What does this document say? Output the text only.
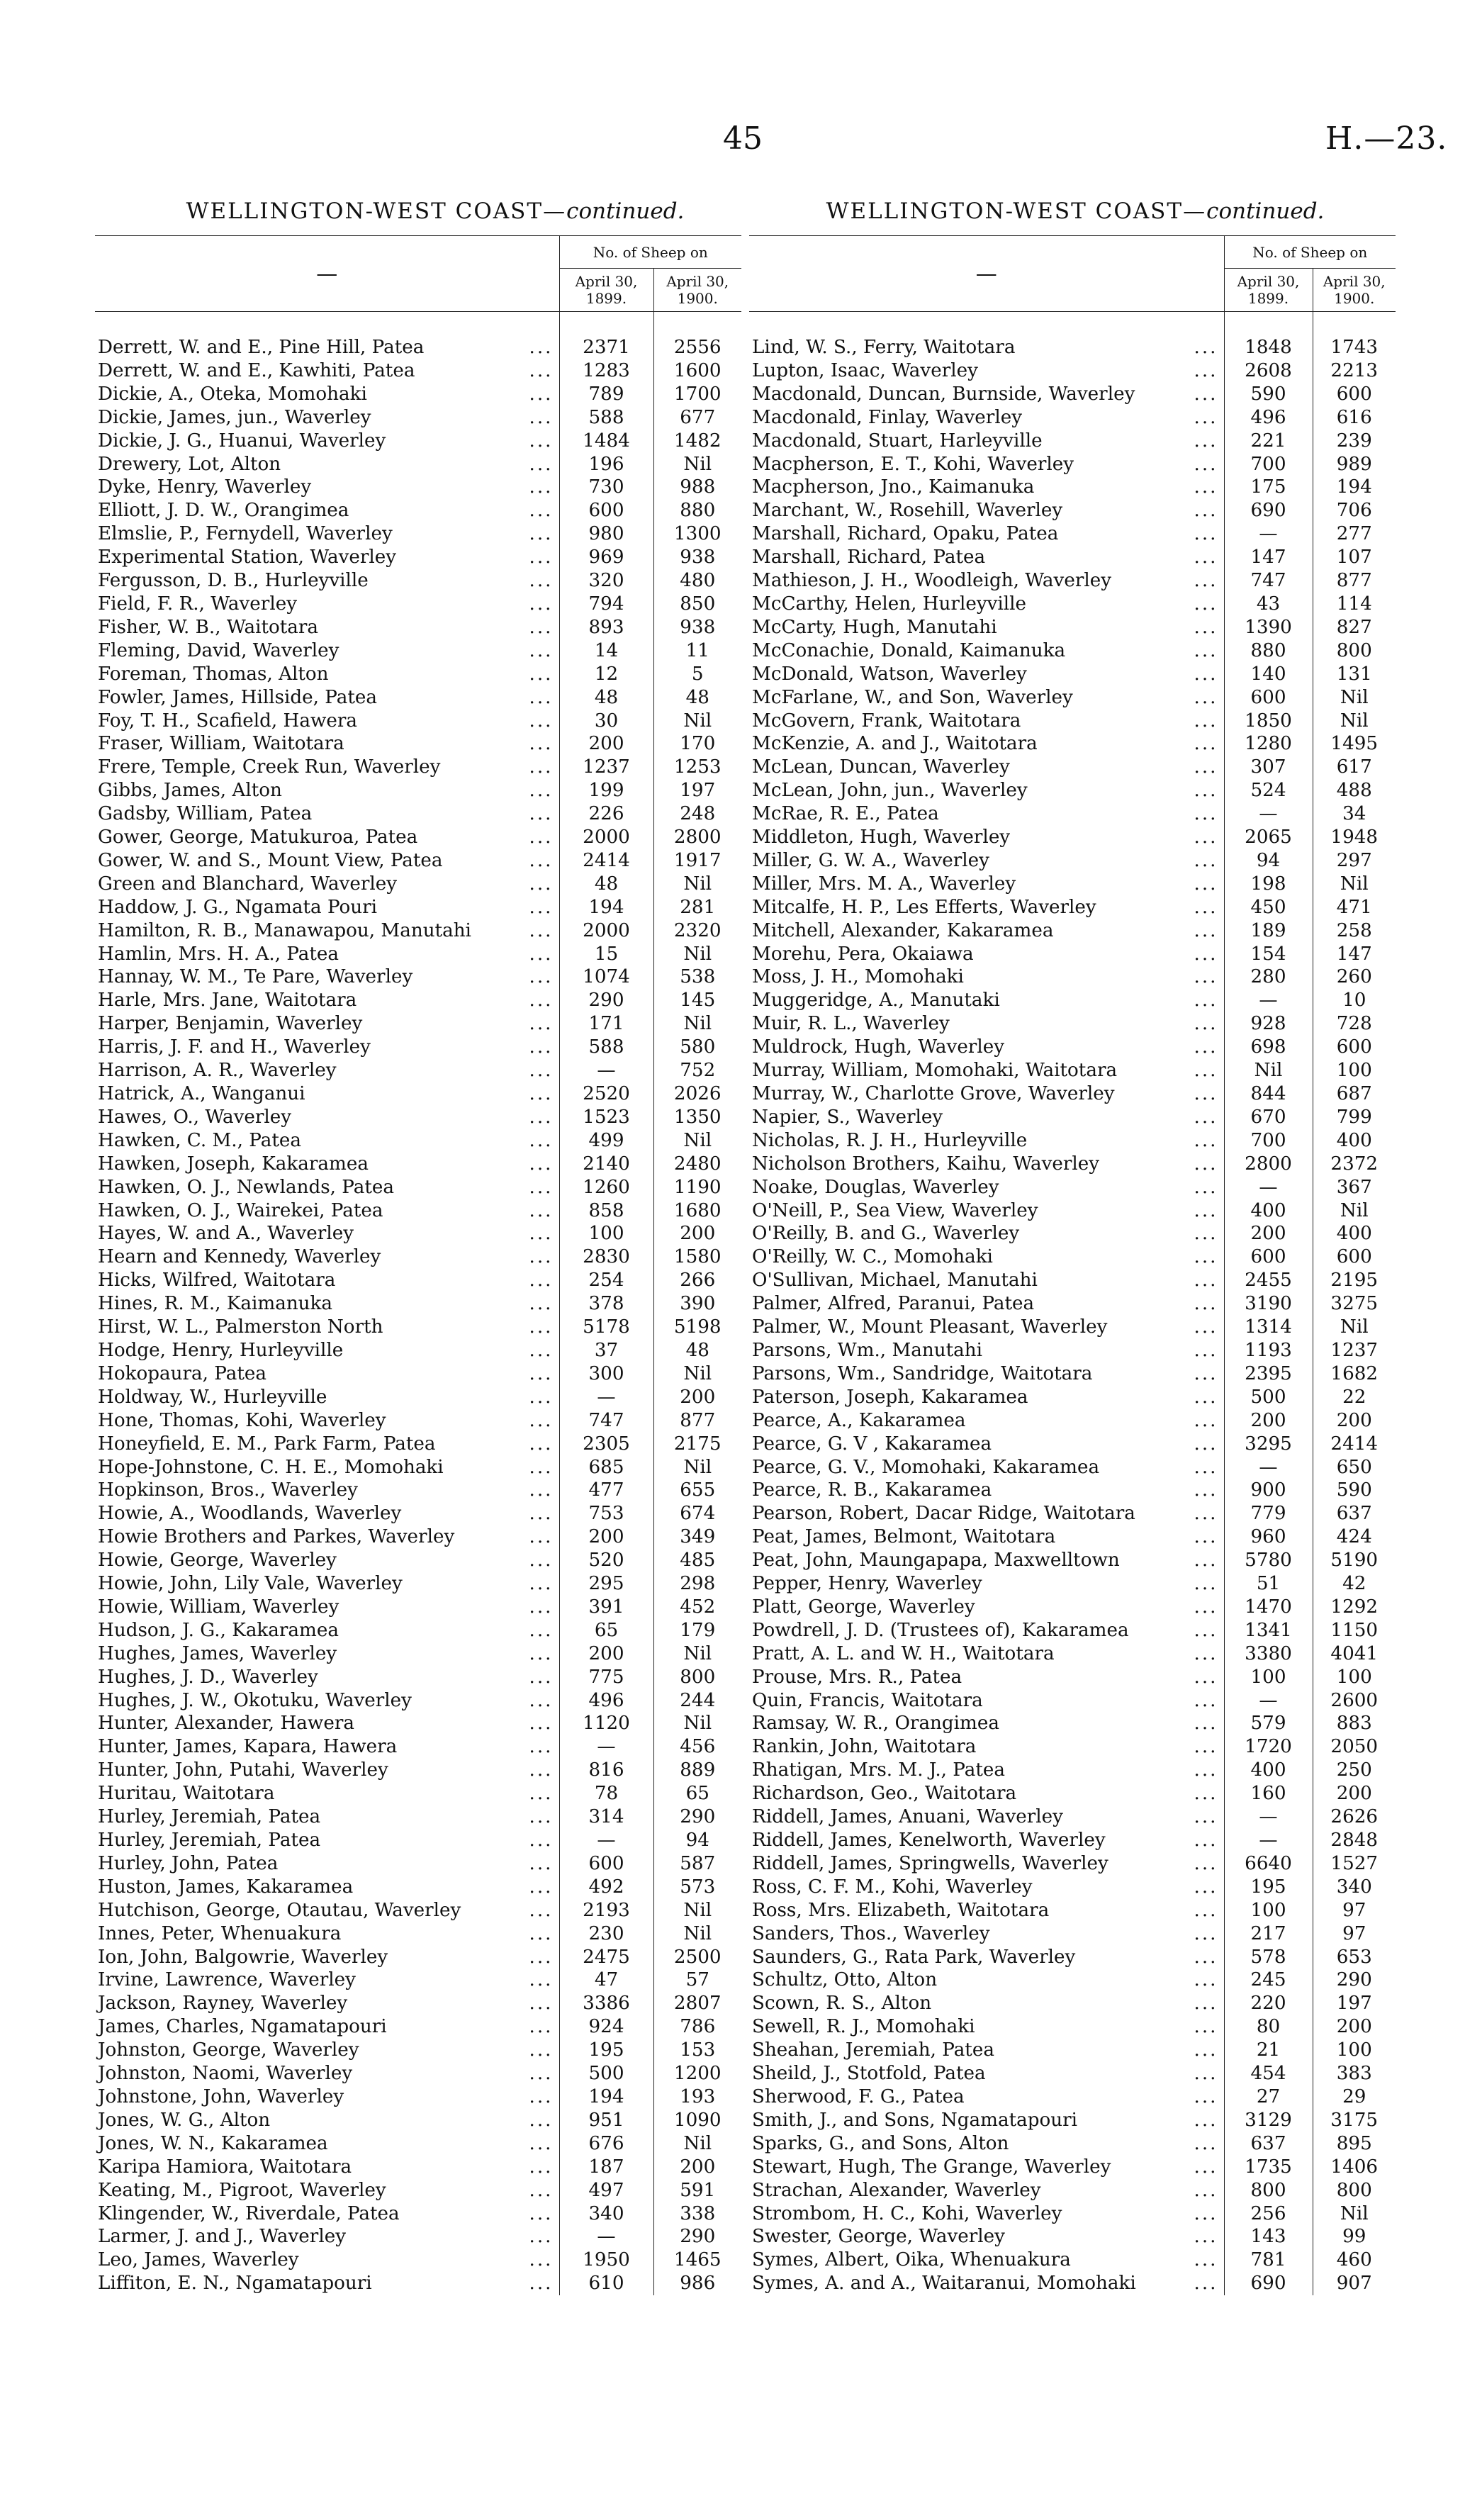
45	H.—23.
WELLINGTON-WEST COAST—continued.
—	No. of Sheep on	
	April 30, 1899.	April 30, 1900.

Derrett, W. and E., Pine Hill, Patea ...	2371	2556
Derrett, W. and E., Kawhiti, Patea ...	1283	1600
Dickie, A., Oteka, Momohaki ...	789	1700
Dickie, James, jun., Waverley ...	588	677
Dickie, J. G., Huanui, Waverley ...	1484	1482
Drewery, Lot, Alton ...	196	Nil
Dyke, Henry, Waverley ...	730	988
Elliott, J. D. W., Orangimea ...	600	880
Elmslie, P., Fernydell, Waverley ...	980	1300
Experimental Station, Waverley ...	969	938
Fergusson, D. B., Hurleyville ...	320	480
Field, F. R., Waverley ...	794	850
Fisher, W. B., Waitotara ...	893	938
Fleming, David, Waverley ...	14	11
Foreman, Thomas, Alton ...	12	5
Fowler, James, Hillside, Patea ...	48	48
Foy, T. H., Scafield, Hawera ...	30	Nil
Fraser, William, Waitotara ...	200	170
Frere, Temple, Creek Run, Waverley ...	1237	1253
Gibbs, James, Alton ...	199	197
Gadsby, William, Patea ...	226	248
Gower, George, Matukuroa, Patea ...	2000	2800
Gower, W. and S., Mount View, Patea ...	2414	1917
Green and Blanchard, Waverley ...	48	Nil
Haddow, J. G., Ngamata Pouri ...	194	281
Hamilton, R. B., Manawapou, Manutahi ...	2000	2320
Hamlin, Mrs. H. A., Patea ...	15	Nil
Hannay, W. M., Te Pare, Waverley ...	1074	538
Harle, Mrs. Jane, Waitotara ...	290	145
Harper, Benjamin, Waverley ...	171	Nil
Harris, J. F. and H., Waverley ...	588	580
Harrison, A. R., Waverley ...	—	752
Hatrick, A., Wanganui ...	2520	2026
Hawes, O., Waverley ...	1523	1350
Hawken, C. M., Patea ...	499	Nil
Hawken, Joseph, Kakaramea ...	2140	2480
Hawken, O. J., Newlands, Patea ...	1260	1190
Hawken, O. J., Wairekei, Patea ...	858	1680
Hayes, W. and A., Waverley ...	100	200
Hearn and Kennedy, Waverley ...	2830	1580
Hicks, Wilfred, Waitotara ...	254	266
Hines, R. M., Kaimanuka ...	378	390
Hirst, W. L., Palmerston North ...	5178	5198
Hodge, Henry, Hurleyville ...	37	48
Hokopaura, Patea ...	300	Nil
Holdway, W., Hurleyville ...	—	200
Hone, Thomas, Kohi, Waverley ...	747	877
Honeyfield, E. M., Park Farm, Patea ...	2305	2175
Hope-Johnstone, C. H. E., Momohaki ...	685	Nil
Hopkinson, Bros., Waverley ...	477	655
Howie, A., Woodlands, Waverley ...	753	674
Howie Brothers and Parkes, Waverley ...	200	349
Howie, George, Waverley ...	520	485
Howie, John, Lily Vale, Waverley ...	295	298
Howie, William, Waverley ...	391	452
Hudson, J. G., Kakaramea ...	65	179
Hughes, James, Waverley ...	200	Nil
Hughes, J. D., Waverley ...	775	800
Hughes, J. W., Okotuku, Waverley ...	496	244
Hunter, Alexander, Hawera ...	1120	Nil
Hunter, James, Kapara, Hawera ...	—	456
Hunter, John, Putahi, Waverley ...	816	889
Huritau, Waitotara ...	78	65
Hurley, Jeremiah, Patea ...	314	290
Hurley, Jeremiah, Patea ...	—	94
Hurley, John, Patea ...	600	587
Huston, James, Kakaramea ...	492	573
Hutchison, George, Otautau, Waverley ...	2193	Nil
Innes, Peter, Whenuakura ...	230	Nil
Ion, John, Balgowrie, Waverley ...	2475	2500
Irvine, Lawrence, Waverley ...	47	57
Jackson, Rayney, Waverley ...	3386	2807
James, Charles, Ngamatapouri ...	924	786
Johnston, George, Waverley ...	195	153
Johnston, Naomi, Waverley ...	500	1200
Johnstone, John, Waverley ...	194	193
Jones, W. G., Alton ...	951	1090
Jones, W. N., Kakaramea ...	676	Nil
Karipa Hamiora, Waitotara ...	187	200
Keating, M., Pigroot, Waverley ...	497	591
Klingender, W., Riverdale, Patea ...	340	338
Larmer, J. and J., Waverley ...	—	290
Leo, James, Waverley ...	1950	1465
Liffiton, E. N., Ngamatapouri ...	610	986
WELLINGTON-WEST COAST—continued.
—	No. of Sheep on	
	April 30, 1899.	April 30, 1900.

Lind, W. S., Ferry, Waitotara ...	1848	1743
Lupton, Isaac, Waverley ...	2608	2213
Macdonald, Duncan, Burnside, Waverley ...	590	600
Macdonald, Finlay, Waverley ...	496	616
Macdonald, Stuart, Harleyville ...	221	239
Macpherson, E. T., Kohi, Waverley ...	700	989
Macpherson, Jno., Kaimanuka ...	175	194
Marchant, W., Rosehill, Waverley ...	690	706
Marshall, Richard, Opaku, Patea ...	—	277
Marshall, Richard, Patea ...	147	107
Mathieson, J. H., Woodleigh, Waverley ...	747	877
McCarthy, Helen, Hurleyville ...	43	114
McCarty, Hugh, Manutahi ...	1390	827
McConachie, Donald, Kaimanuka ...	880	800
McDonald, Watson, Waverley ...	140	131
McFarlane, W., and Son, Waverley ...	600	Nil
McGovern, Frank, Waitotara ...	1850	Nil
McKenzie, A. and J., Waitotara ...	1280	1495
McLean, Duncan, Waverley ...	307	617
McLean, John, jun., Waverley ...	524	488
McRae, R. E., Patea ...	—	34
Middleton, Hugh, Waverley ...	2065	1948
Miller, G. W. A., Waverley ...	94	297
Miller, Mrs. M. A., Waverley ...	198	Nil
Mitcalfe, H. P., Les Efferts, Waverley ...	450	471
Mitchell, Alexander, Kakaramea ...	189	258
Morehu, Pera, Okaiawa ...	154	147
Moss, J. H., Momohaki ...	280	260
Muggeridge, A., Manutaki ...	—	10
Muir, R. L., Waverley ...	928	728
Muldrock, Hugh, Waverley ...	698	600
Murray, William, Momohaki, Waitotara ...	Nil	100
Murray, W., Charlotte Grove, Waverley ...	844	687
Napier, S., Waverley ...	670	799
Nicholas, R. J. H., Hurleyville ...	700	400
Nicholson Brothers, Kaihu, Waverley ...	2800	2372
Noake, Douglas, Waverley ...	—	367
O'Neill, P., Sea View, Waverley ...	400	Nil
O'Reilly, B. and G., Waverley ...	200	400
O'Reilly, W. C., Momohaki ...	600	600
O'Sullivan, Michael, Manutahi ...	2455	2195
Palmer, Alfred, Paranui, Patea ...	3190	3275
Palmer, W., Mount Pleasant, Waverley ...	1314	Nil
Parsons, Wm., Manutahi ...	1193	1237
Parsons, Wm., Sandridge, Waitotara ...	2395	1682
Paterson, Joseph, Kakaramea ...	500	22
Pearce, A., Kakaramea ...	200	200
Pearce, G. V , Kakaramea ...	3295	2414
Pearce, G. V., Momohaki, Kakaramea ...	—	650
Pearce, R. B., Kakaramea ...	900	590
Pearson, Robert, Dacar Ridge, Waitotara ...	779	637
Peat, James, Belmont, Waitotara ...	960	424
Peat, John, Maungapapa, Maxwelltown ...	5780	5190
Pepper, Henry, Waverley ...	51	42
Platt, George, Waverley ...	1470	1292
Powdrell, J. D. (Trustees of), Kakaramea ...	1341	1150
Pratt, A. L. and W. H., Waitotara ...	3380	4041
Prouse, Mrs. R., Patea ...	100	100
Quin, Francis, Waitotara ...	—	2600
Ramsay, W. R., Orangimea ...	579	883
Rankin, John, Waitotara ...	1720	2050
Rhatigan, Mrs. M. J., Patea ...	400	250
Richardson, Geo., Waitotara ...	160	200
Riddell, James, Anuani, Waverley ...	—	2626
Riddell, James, Kenelworth, Waverley ...	—	2848
Riddell, James, Springwells, Waverley ...	6640	1527
Ross, C. F. M., Kohi, Waverley ...	195	340
Ross, Mrs. Elizabeth, Waitotara ...	100	97
Sanders, Thos., Waverley ...	217	97
Saunders, G., Rata Park, Waverley ...	578	653
Schultz, Otto, Alton ...	245	290
Scown, R. S., Alton ...	220	197
Sewell, R. J., Momohaki ...	80	200
Sheahan, Jeremiah, Patea ...	21	100
Sheild, J., Stotfold, Patea ...	454	383
Sherwood, F. G., Patea ...	27	29
Smith, J., and Sons, Ngamatapouri ...	3129	3175
Sparks, G., and Sons, Alton ...	637	895
Stewart, Hugh, The Grange, Waverley ...	1735	1406
Strachan, Alexander, Waverley ...	800	800
Strombom, H. C., Kohi, Waverley ...	256	Nil
Swester, George, Waverley ...	143	99
Symes, Albert, Oika, Whenuakura ...	781	460
Symes, A. and A., Waitaranui, Momohaki ...	690	907
